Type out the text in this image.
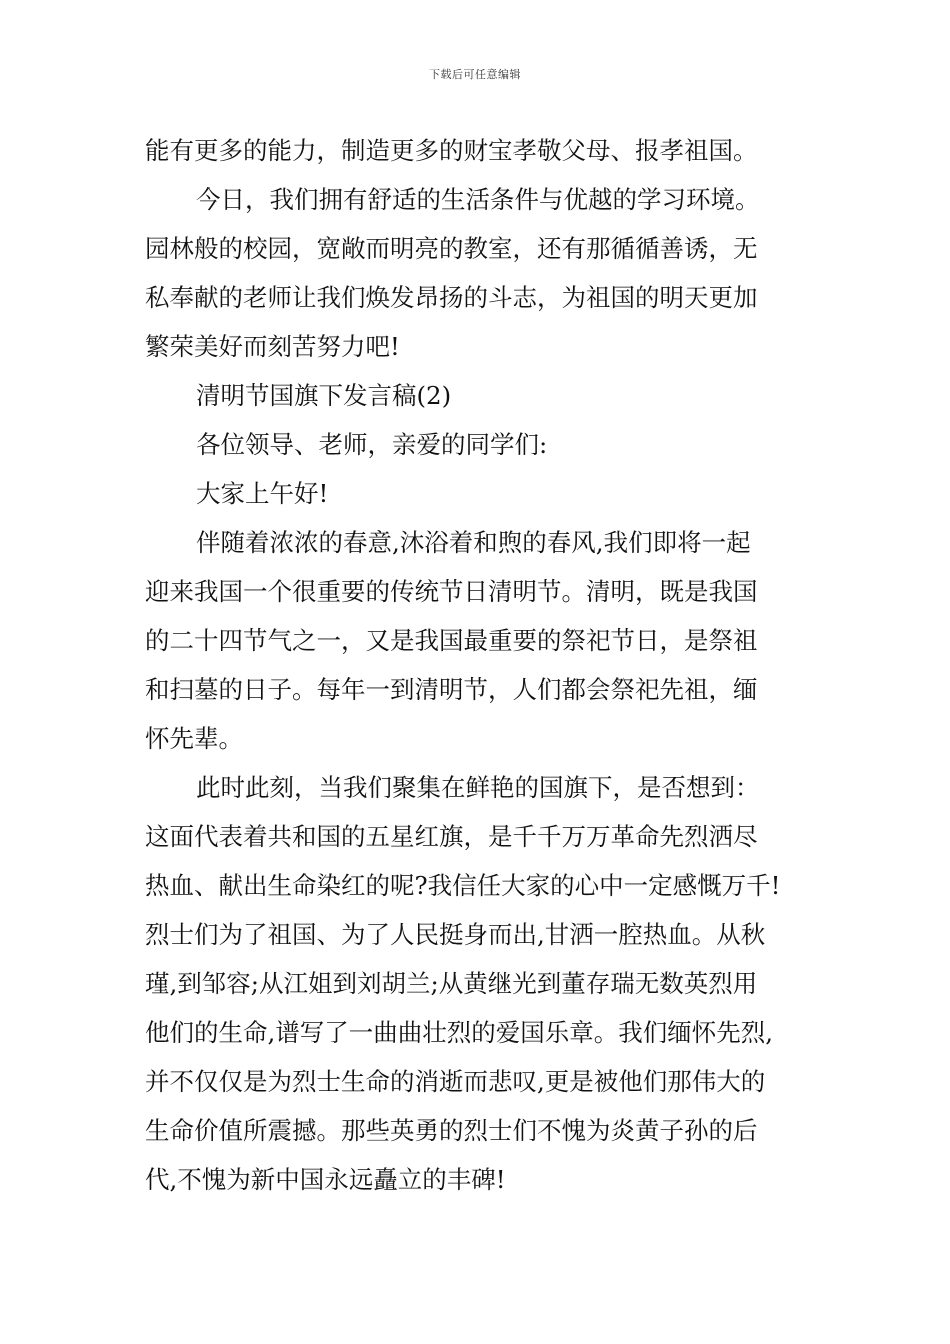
下载后可任意编辑
能有更多的能力，制造更多的财宝孝敬父母、报孝祖国。
今日，我们拥有舒适的生活条件与优越的学习环境。
园林般的校园，宽敞而明亮的教室，还有那循循善诱，无
私奉献的老师让我们焕发昂扬的斗志，为祖国的明天更加
繁荣美好而刻苦努力吧!
清明节国旗下发言稿(2)
各位领导、老师，亲爱的同学们:
大家上午好!
伴随着浓浓的春意,沐浴着和煦的春风,我们即将一起
迎来我国一个很重要的传统节日清明节。清明，既是我国
的二十四节气之一，又是我国最重要的祭祀节日，是祭祖
和扫墓的日子。每年一到清明节，人们都会祭祀先祖，缅
怀先辈。
此时此刻，当我们聚集在鲜艳的国旗下，是否想到：
这面代表着共和国的五星红旗，是千千万万革命先烈洒尽
热血、献出生命染红的呢?我信任大家的心中一定感慨万千!
烈士们为了祖国、为了人民挺身而出,甘洒一腔热血。从秋
瑾,到邹容;从江姐到刘胡兰;从黄继光到董存瑞无数英烈用
他们的生命,谱写了一曲曲壮烈的爱国乐章。我们缅怀先烈,
并不仅仅是为烈士生命的消逝而悲叹,更是被他们那伟大的
生命价值所震撼。那些英勇的烈士们不愧为炎黄子孙的后
代,不愧为新中国永远矗立的丰碑!
